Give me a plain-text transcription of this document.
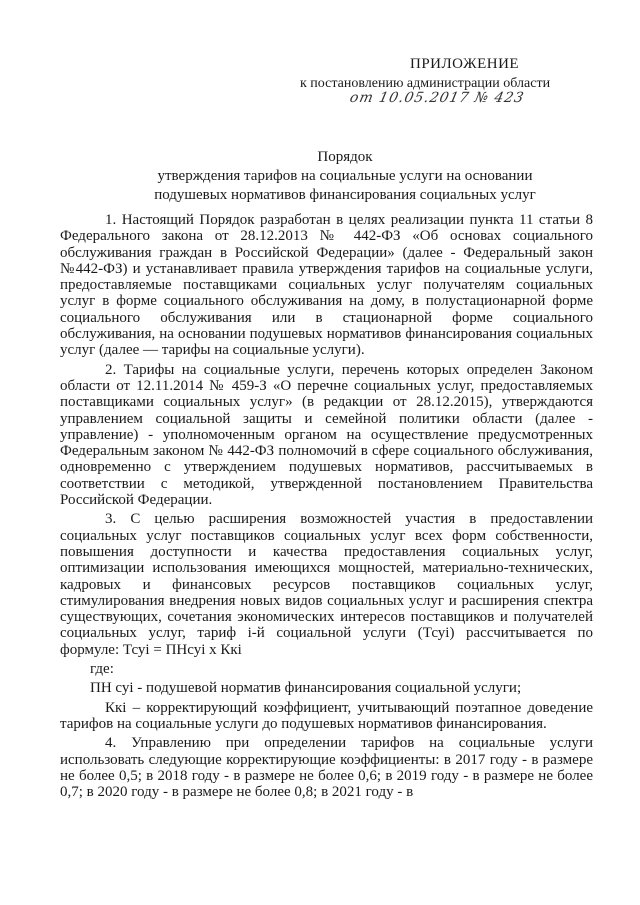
ПРИЛОЖЕНИЕ
к постановлению администрации области
от 10.05.2017 № 423
Порядок
утверждения тарифов на социальные услуги на основании
подушевых нормативов финансирования социальных услуг

1. Настоящий Порядок разработан в целях реализации пункта 11 статьи 8 Федерального закона от 28.12.2013 № 442-ФЗ «Об основах социального обслуживания граждан в Российской Федерации» (далее - Федеральный закон №442-ФЗ) и устанавливает правила утверждения тарифов на социальные услуги, предоставляемые поставщиками социальных услуг получателям социальных услуг в форме социального обслуживания на дому, в полустационарной форме социального обслуживания или в стационарной форме социального обслуживания, на основании подушевых нормативов финансирования социальных услуг (далее — тарифы на социальные услуги).

2. Тарифы на социальные услуги, перечень которых определен Законом области от 12.11.2014 № 459-З «О перечне социальных услуг, предоставляемых поставщиками социальных услуг» (в редакции от 28.12.2015), утверждаются управлением социальной защиты и семейной политики области (далее - управление) - уполномоченным органом на осуществление предусмотренных Федеральным законом № 442-ФЗ полномочий в сфере социального обслуживания, одновременно с утверждением подушевых нормативов, рассчитываемых в соответствии с методикой, утвержденной постановлением Правительства Российской Федерации.

3. С целью расширения возможностей участия в предоставлении социальных услуг поставщиков социальных услуг всех форм собственности, повышения доступности и качества предоставления социальных услуг, оптимизации использования имеющихся мощностей, материально-технических, кадровых и финансовых ресурсов поставщиков социальных услуг, стимулирования внедрения новых видов социальных услуг и расширения спектра существующих, сочетания экономических интересов поставщиков и получателей социальных услуг, тариф i-й социальной услуги (Тсуi) рассчитывается по формуле: Тсуi = ПНсуi х Ккi

где:

ПН суi - подушевой норматив финансирования социальной услуги;

Ккi – корректирующий коэффициент, учитывающий поэтапное доведение тарифов на социальные услуги до подушевых нормативов финансирования.

4. Управлению при определении тарифов на социальные услуги использовать следующие корректирующие коэффициенты: в 2017 году - в размере не более 0,5; в 2018 году - в размере не более 0,6; в 2019 году - в размере не более 0,7; в 2020 году - в размере не более 0,8; в 2021 году - в
